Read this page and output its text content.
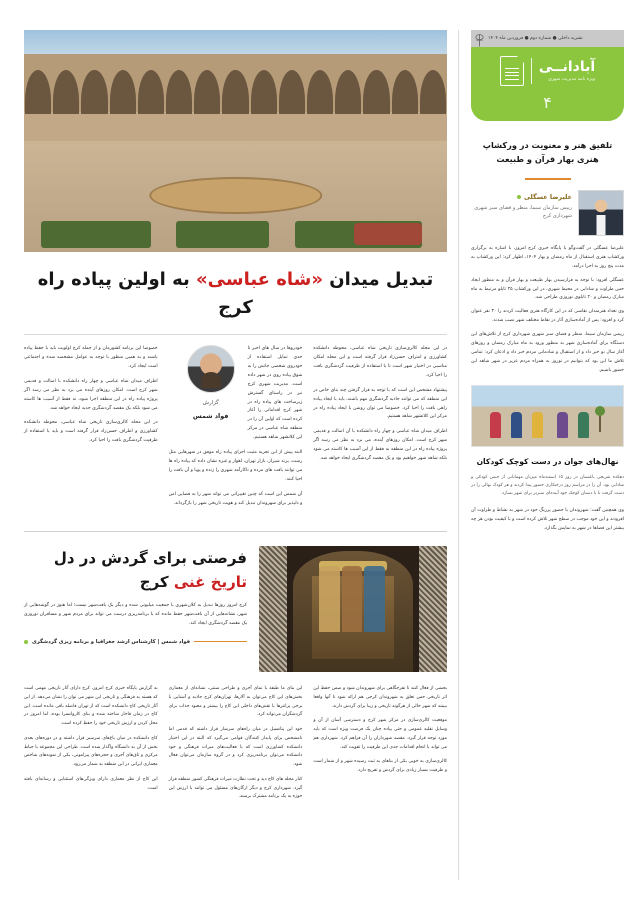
نشریه داخلی ● شماره دوم ● فروردین ماه ۱۴۰۴
آبادانــی
ویژه نامه مدیریت شهری
۴
تلفیق هنر و معنویت در ورکشاپ هنری بهار قرآن و طبیعت
علیرضا عسگلی
رییس سازمان سیما، منظر و فضای سبز شهری شهرداری کرج

علیرضا عسگلی در گفت‌وگو با پایگاه خبری کرج امروز، با اشاره به برگزاری ورکشاپ هنری استقبال از ماه رمضان و بهار ۱۴۰۴، اظهار کرد: این ورکشاپ به مدت پنج روز به اجرا درآمد.

عسگلی افزود: با توجه به فرارسیدن بهار طبیعت و بهار قرآن و به منظور ایجاد حس طراوت و شادابی در محیط شهری، در این ورکشاپ ۲۵ تابلو مرتبط به ماه مبارک رمضان و ۲۰ تابلوی نوروزی طراحی شد.

وی تعداد هنرمندان نقاشی که در این کارگاه هنری فعالیت کردند را ۳۰ نفر عنوان کرد و افزود: پس از آماده‌سازی آثار در نقاط مختلف شهر نصب شدند.

رییس سازمان سیما، منظر و فضای سبز شهری شهرداری کرج از تلاش‌های این دستگاه برای آماده‌سازی شهر به منظور ورود به ماه مبارک رمضان و روزهای آغاز سال نو خبر داد و از استقبال و شادمانی مردم خبر داد و اذعان کرد: تمامی تلاش ما این بود که بتوانیم در نوروز به همراه مردم عزیز در شهر شاهد این حضور باشیم.

نهال‌های جوان در دست کوچک کودکان
دهکده تفریحی باغستان در روز ۱۵ اسفندماه میزبان مهمانانی از جنس کودکی و شادابی بود. آن را در مراسم روز درختکاری حضور پیدا کردند و هر کودک نهالی را در دست گرفت تا با دستان کوچک خود آینده‌ای سبزتر برای شهر بسازد.

وی همچنین گفت: شهروندان با حضور پررنگ خود در شهر به نشاط و طراوت آن افزودند و این خود موجب در سطح شهر تلاش کرده است و با کیفیت بودن هر چه بیشتر این فضاها در شهر به نمایش بگذارد.

تبدیل میدان «شاه عباسی» به اولین پیاده راه کرج

در این محله کالری‌سازی تاریخی شاه عباسی، محوطه دانشکده کشاورزی و امتراف حسن‌زاد قرار گرفته است و این محله امکان مناسبی در اختیار شهر است تا با استفاده از ظرفیت گردشگری بافت را احیا کرد.

پیشنهاد مشخص این است که با توجه به قرار گرفتن چند بنای خاص در این منطقه که می توانند جاذبه گردشگری مهم باشند، باید با ایجاد پیاده راهی بافت را احیا کرد. خصوصا می توان روشن با ایجاد پیاده راه در مرکز این کلانشهر شاهد هستیم.

اطراف میدان شاه عباسی و چهار راه دانشکده با آن اصالت و قدیمی شهر کرج است. امکان روزهای آینده، می برد به نظر می رسد اگر پروژه پیاده راه در این منطقه به فقط از این آسیب ها کاسته می شود بلکه شاهد شهر خواهیم بود و یک مقصد گردشگری ایجاد خواهد شد.

گزارش
فواد شمس

خودروها در سال های اخیر تا حدی تمایل استفاده از خودروی شخصی جانش را به شوق پیاده روی در شهر داده است. مدیریت شهری کرج نیز در راستای گسترش زیرساخت های پیاده راه در شهر کرج اقداماتی را آغاز کرده است که اولین آن را در منطقه شاه عباسی در مرکز این کلانشهر شاهد هستیم.

البته پیش از این تجربه مثبت اجرای پیاده راه موفق در شهرهایی مثل رشت، پرند شیراز، بازار تهران، اهواز و غیره نشان داده که پیاده راه ها می توانند بافت های مرده و ناکارآمد شهری را زنده و پویا و آن بافت را احیا کنند.

آن شمس این است که چنین تغییراتی می تواند شهر را به فضایی امن و دلپذیر برای شهروندان تبدیل کند و هویت تاریخی شهر را بازگرداند.

خصوصا این برنامه کشورمان و از جمله کرج اولویت باید با حفظ پیاده باشند و به همین منظور با توجه به عوامل مشخصه شده و اجتماعی است ایجاد کرد.

اطراف میدان شاه عباسی و چهار راه دانشکده با اصالت و قدیمی شهر کرج است. امکان روزهای آینده می برد به نظر می رسد اگر پروژه پیاده راه در این منطقه اجرا شود، نه فقط از آسیب ها کاسته می شود بلکه یک مقصد گردشگری جدید ایجاد خواهد شد.

در این محله کالری‌سازی تاریخی شاه عباسی، محوطه دانشکده کشاورزی و اطراف حسن‌زاد قرار گرفته است و باید با استفاده از ظرفیت گردشگری بافت را احیا کرد.

فرصتی برای گردش در دل تاریخ غنی کرج
کرج امروز روزها تبدیل به کلان‌شهری با جمعیت میلیونی شده و دیگر یک بافت‌شهر نیست؛ اما هنوز در گوشه‌هایی از شهر، نشانه‌هایی از آن بافت‌شهر حفظ مانده که با برنامه‌ریزی درست می تواند برای مردم شهر و مسافران نوروزی یک مقصد گردشگری ایجاد کند.
فواد شمس | کارشناس ارشد جغرافیا و برنامه ریزی گردشگری

بخشی از فعال کنند تا تفرجگاهی برای شهروندان شود و ضمن حفظ این اثر تاریخی حس تعلق به شهروندان کرجی هم ارائه شود تا آنها واقعا ببینند که شهر خالی از هرگونه تاریخی و زیبا برای گردش دارند.

موقعیت کالری‌سازی در مرکز شهر کرج و دسترسی آسان از آن و وسایل نقلیه عمومی و حتی پیاده چنان یک فرصت ویژه است که باید مورد توجه قرار گیرد. مقصد شهرداران را آن فراهم کرد. شهرداری هم می تواند با انجام اقدامات جدی این ظرفیت را تقویت کند.

کالری‌سازی به خوبی یکی از بناهای به ثبت رسیده شهر و از شمار است و ظرفیت بسیار زیادی برای گردش و تفریح دارد.

این بنای ما طبقه با نمای آجری و طراحی سنتی، نشانه‌ای از معماری بخش‌های این کاج می‌توان به آلارها، تهران‌های کرج جاذبه و آشنایی با برخی پرانتزها با نقش‌های داخلی این کاج را بیشتر و معبود جذاب برای گردشگران می‌تواند کرد.

خود این پتانسیل در میان راه‌های سرشار قرار داشته که قدمی اما نامشخص برای پایدار کنندگان قوامی می‌گیرد که البته در این اختیار دانشکده کشاورزی است که با فعالیت‌های میراث فرهنگی و خود دانشکده می‌توان برنامه‌ریزی کرد و در گروه سازمان می‌توان فعال شود.

کنار محله های کاج دید و تحت نظارت میراث فرهنگی کشور منطقه قرار گیرد. شهرداری کرج و دیگر ارگان‌های مسئول می توانند با ارزش این حوزه به یک برنامه مشترک برسند.

به گزارش پایگاه خبری کرج امروز، کرج دارای آثار تاریخی مهمی است که هسته به فرهنگی و تاریخی این شهر می توان را نشان می‌دهد. از این آثار تاریخی کاج دانشکده است که از تهران فاصله باقی مانده است. این کاج در زمان قاجار ساخته شده و بنای کاروانسرا بوده، اما امروز در محل کردن و ارزش تاریخی خود را حفظ کرده است.

کاج دانشکده در میان باغ‌های سرسبز قرار داشته و در دوره‌های بعدی بخش از آن به دانشگاه واگذار شده است. طراحی این مجموعه با حیاط مرکزی و تاق‌های آجری و حجره‌های پیرامونی، یکی از نمونه‌های شاخص معماری ایرانی در این منطقه به شمار می‌رود.

این کاج از نظر معماری دارای ویژگی‌های استثنایی و رسانه‌ای یافته است.
